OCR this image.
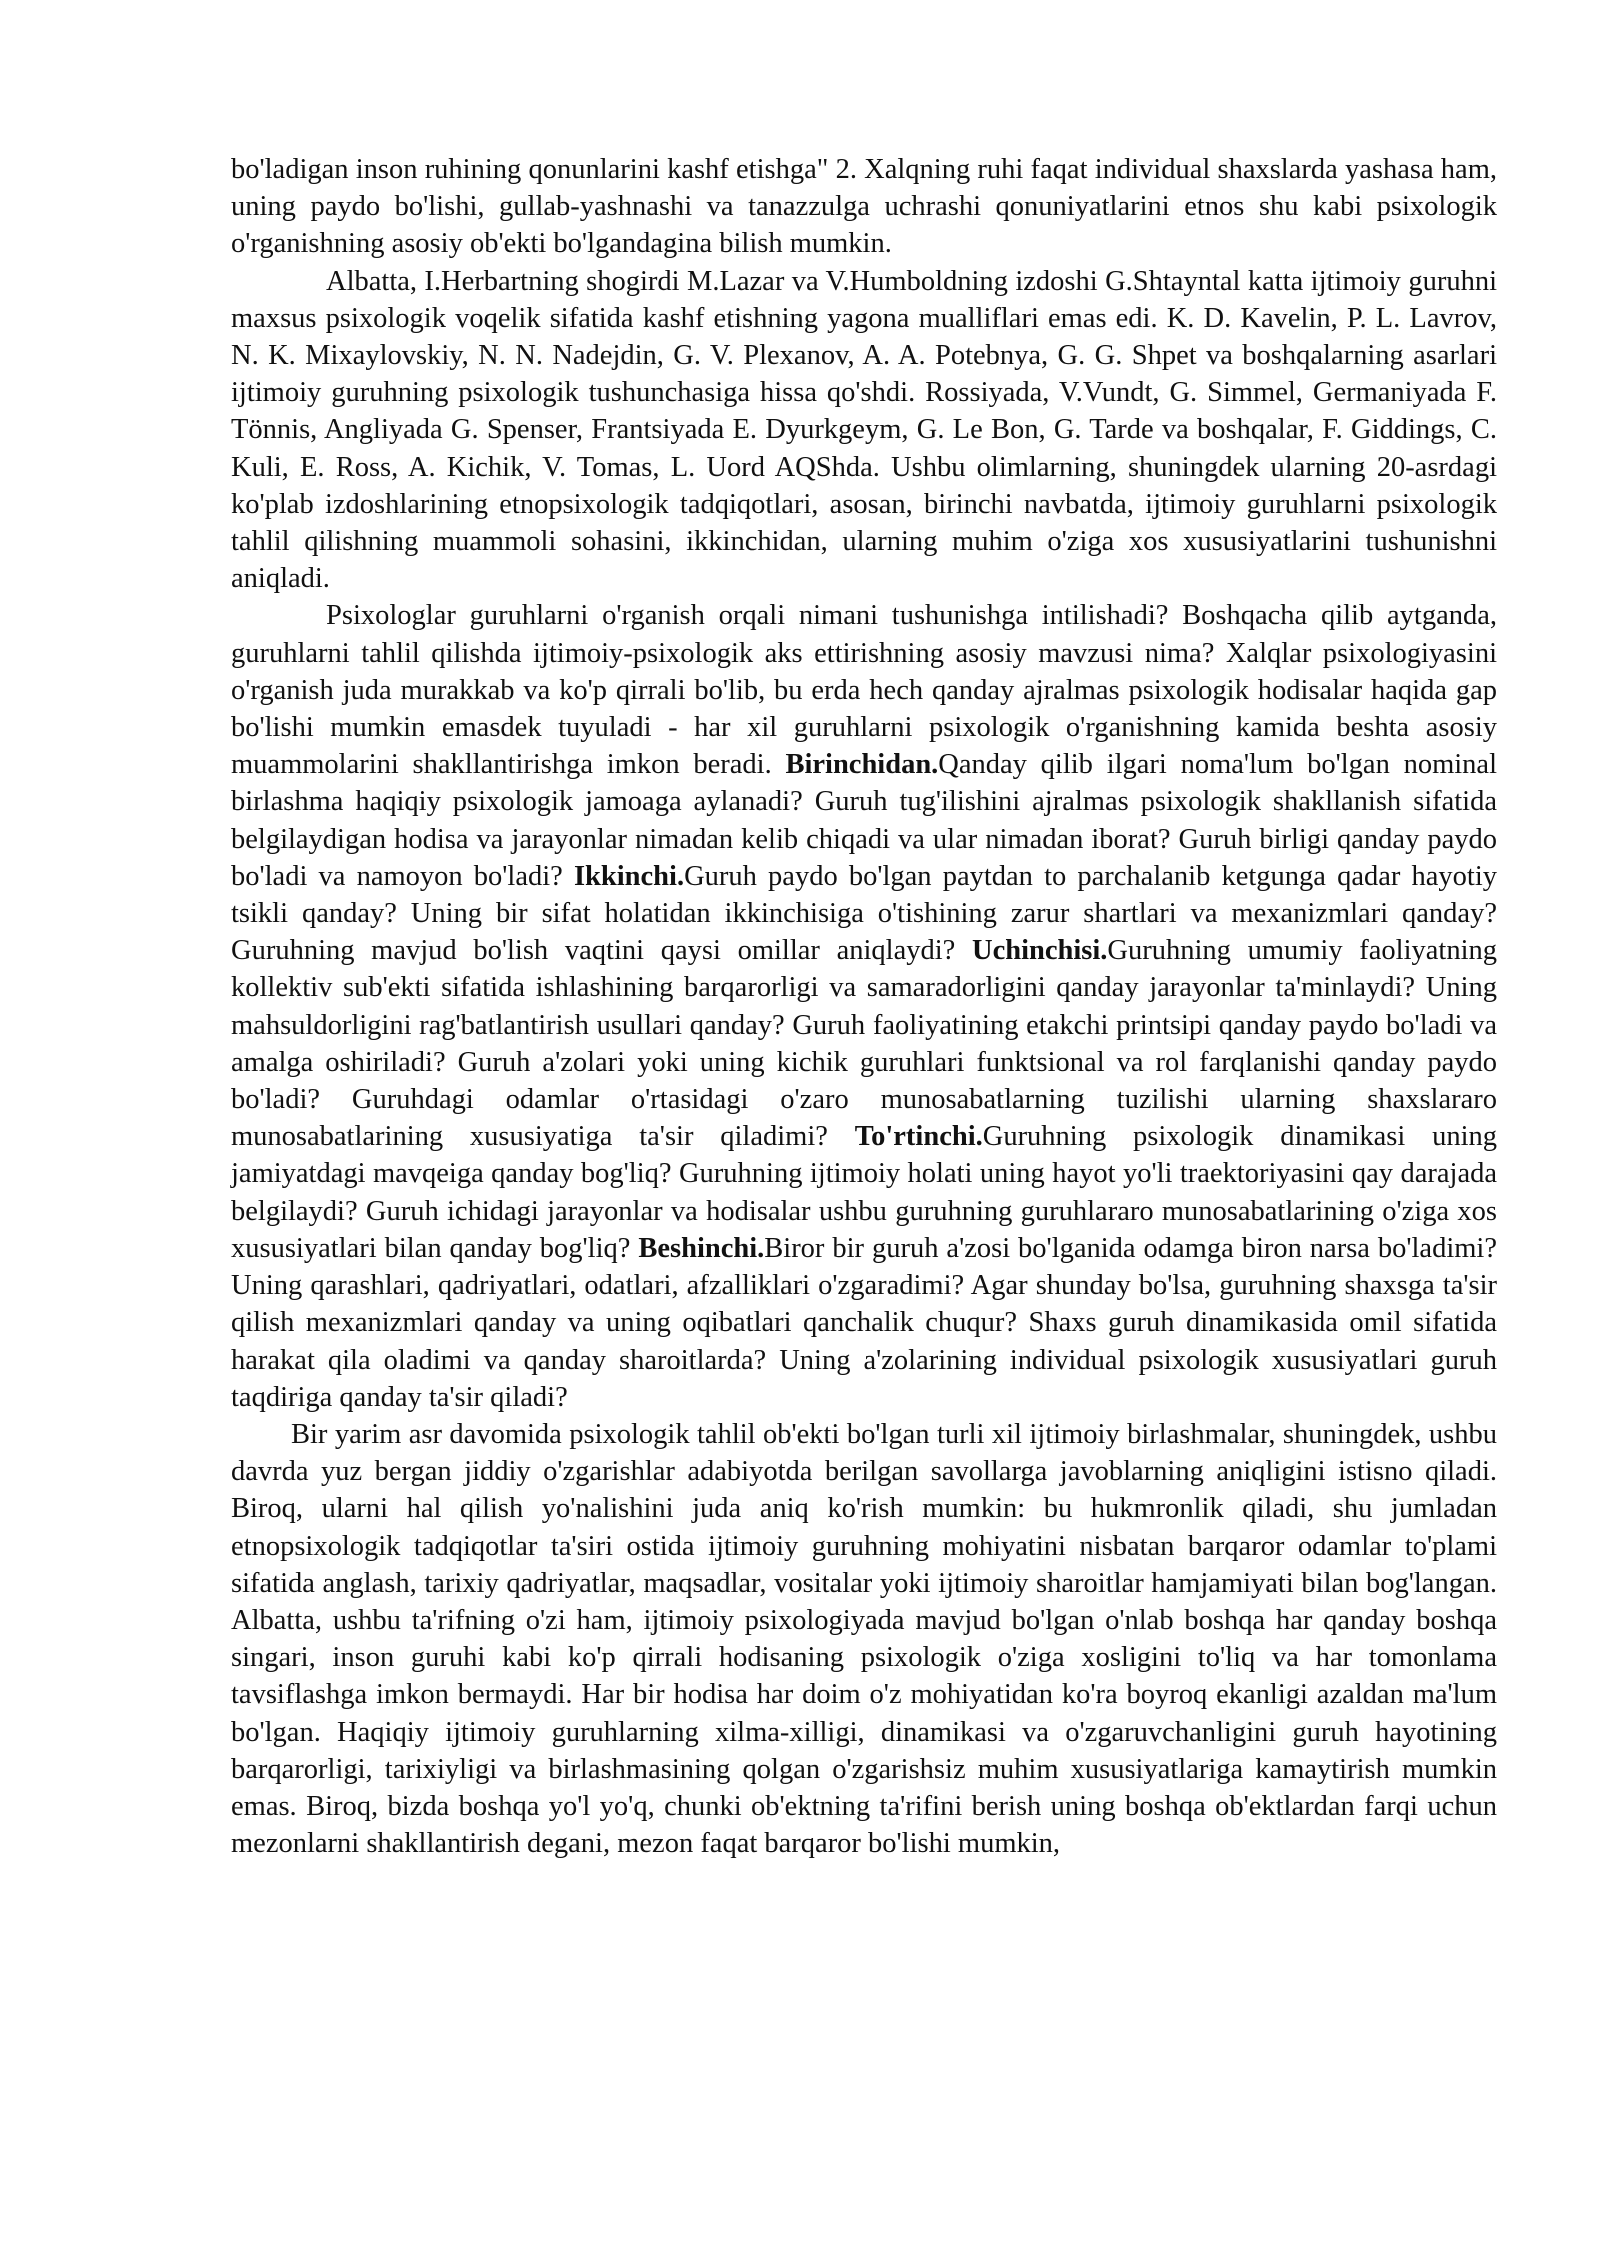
bo'ladigan inson ruhining qonunlarini kashf etishga" 2. Xalqning ruhi faqat individual shaxslarda yashasa ham, uning paydo bo'lishi, gullab-yashnashi va tanazzulga uchrashi qonuniyatlarini etnos shu kabi psixologik o'rganishning asosiy ob'ekti bo'lgandagina bilish mumkin.

Albatta, I.Herbartning shogirdi M.Lazar va V.Humboldning izdoshi G.Shtayntal katta ijtimoiy guruhni maxsus psixologik voqelik sifatida kashf etishning yagona mualliflari emas edi. K. D. Kavelin, P. L. Lavrov, N. K. Mixaylovskiy, N. N. Nadejdin, G. V. Plexanov, A. A. Potebnya, G. G. Shpet va boshqalarning asarlari ijtimoiy guruhning psixologik tushunchasiga hissa qo'shdi. Rossiyada, V.Vundt, G. Simmel, Germaniyada F. Tönnis, Angliyada G. Spenser, Frantsiyada E. Dyurkgeym, G. Le Bon, G. Tarde va boshqalar, F. Giddings, C. Kuli, E. Ross, A. Kichik, V. Tomas, L. Uord AQShda. Ushbu olimlarning, shuningdek ularning 20-asrdagi ko'plab izdoshlarining etnopsixologik tadqiqotlari, asosan, birinchi navbatda, ijtimoiy guruhlarni psixologik tahlil qilishning muammoli sohasini, ikkinchidan, ularning muhim o'ziga xos xususiyatlarini tushunishni aniqladi.

Psixologlar guruhlarni o'rganish orqali nimani tushunishga intilishadi? Boshqacha qilib aytganda, guruhlarni tahlil qilishda ijtimoiy-psixologik aks ettirishning asosiy mavzusi nima? Xalqlar psixologiyasini o'rganish juda murakkab va ko'p qirrali bo'lib, bu erda hech qanday ajralmas psixologik hodisalar haqida gap bo'lishi mumkin emasdek tuyuladi - har xil guruhlarni psixologik o'rganishning kamida beshta asosiy muammolarini shakllantirishga imkon beradi. Birinchidan.Qanday qilib ilgari noma'lum bo'lgan nominal birlashma haqiqiy psixologik jamoaga aylanadi? Guruh tug'ilishini ajralmas psixologik shakllanish sifatida belgilaydigan hodisa va jarayonlar nimadan kelib chiqadi va ular nimadan iborat? Guruh birligi qanday paydo bo'ladi va namoyon bo'ladi? Ikkinchi.Guruh paydo bo'lgan paytdan to parchalanib ketgunga qadar hayotiy tsikli qanday? Uning bir sifat holatidan ikkinchisiga o'tishining zarur shartlari va mexanizmlari qanday? Guruhning mavjud bo'lish vaqtini qaysi omillar aniqlaydi? Uchinchisi.Guruhning umumiy faoliyatning kollektiv sub'ekti sifatida ishlashining barqarorligi va samaradorligini qanday jarayonlar ta'minlaydi? Uning mahsuldorligini rag'batlantirish usullari qanday? Guruh faoliyatining etakchi printsipi qanday paydo bo'ladi va amalga oshiriladi? Guruh a'zolari yoki uning kichik guruhlari funktsional va rol farqlanishi qanday paydo bo'ladi? Guruhdagi odamlar o'rtasidagi o'zaro munosabatlarning tuzilishi ularning shaxslararo munosabatlarining xususiyatiga ta'sir qiladimi? To'rtinchi.Guruhning psixologik dinamikasi uning jamiyatdagi mavqeiga qanday bog'liq? Guruhning ijtimoiy holati uning hayot yo'li traektoriyasini qay darajada belgilaydi? Guruh ichidagi jarayonlar va hodisalar ushbu guruhning guruhlararo munosabatlarining o'ziga xos xususiyatlari bilan qanday bog'liq? Beshinchi.Biror bir guruh a'zosi bo'lganida odamga biron narsa bo'ladimi? Uning qarashlari, qadriyatlari, odatlari, afzalliklari o'zgaradimi? Agar shunday bo'lsa, guruhning shaxsga ta'sir qilish mexanizmlari qanday va uning oqibatlari qanchalik chuqur? Shaxs guruh dinamikasida omil sifatida harakat qila oladimi va qanday sharoitlarda? Uning a'zolarining individual psixologik xususiyatlari guruh taqdiriga qanday ta'sir qiladi?

Bir yarim asr davomida psixologik tahlil ob'ekti bo'lgan turli xil ijtimoiy birlashmalar, shuningdek, ushbu davrda yuz bergan jiddiy o'zgarishlar adabiyotda berilgan savollarga javoblarning aniqligini istisno qiladi. Biroq, ularni hal qilish yo'nalishini juda aniq ko'rish mumkin: bu hukmronlik qiladi, shu jumladan etnopsixologik tadqiqotlar ta'siri ostida ijtimoiy guruhning mohiyatini nisbatan barqaror odamlar to'plami sifatida anglash, tarixiy qadriyatlar, maqsadlar, vositalar yoki ijtimoiy sharoitlar hamjamiyati bilan bog'langan. Albatta, ushbu ta'rifning o'zi ham, ijtimoiy psixologiyada mavjud bo'lgan o'nlab boshqa har qanday boshqa singari, inson guruhi kabi ko'p qirrali hodisaning psixologik o'ziga xosligini to'liq va har tomonlama tavsiflashga imkon bermaydi. Har bir hodisa har doim o'z mohiyatidan ko'ra boyroq ekanligi azaldan ma'lum bo'lgan. Haqiqiy ijtimoiy guruhlarning xilma-xilligi, dinamikasi va o'zgaruvchanligini guruh hayotining barqarorligi, tarixiyligi va birlashmasining qolgan o'zgarishsiz muhim xususiyatlariga kamaytirish mumkin emas. Biroq, bizda boshqa yo'l yo'q, chunki ob'ektning ta'rifini berish uning boshqa ob'ektlardan farqi uchun mezonlarni shakllantirish degani, mezon faqat barqaror bo'lishi mumkin,
